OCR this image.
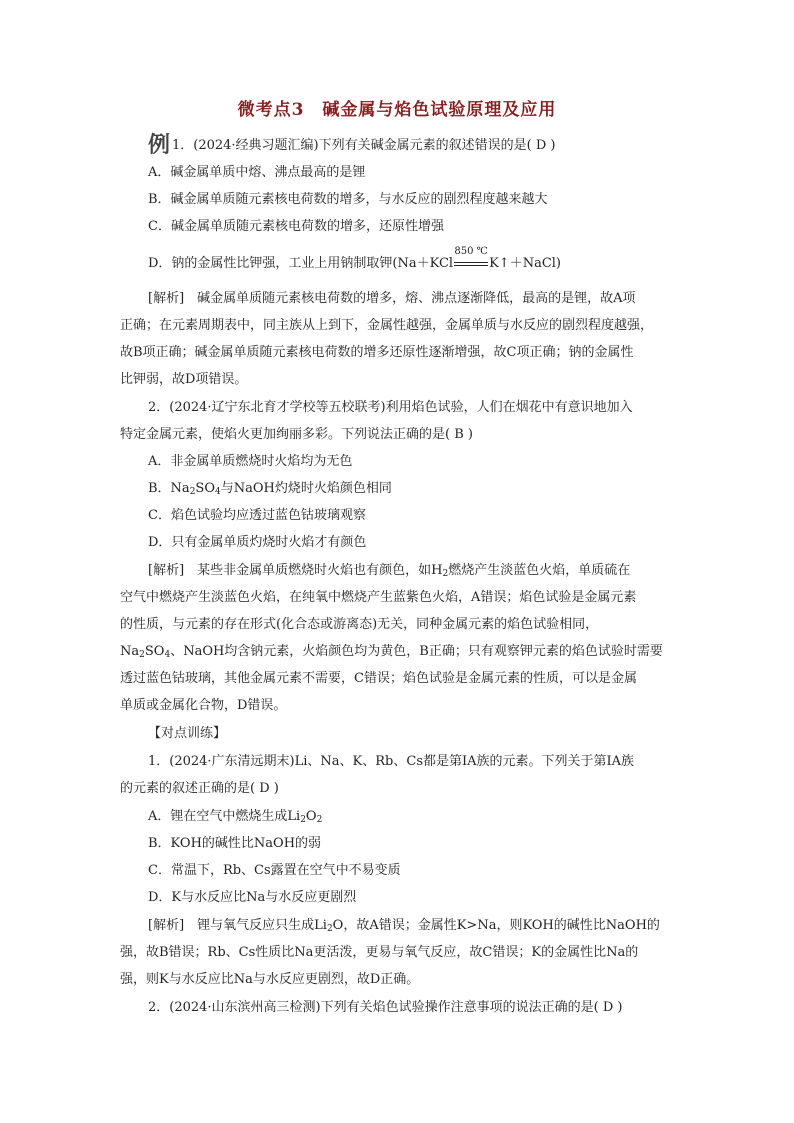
微考点3　碱金属与焰色试验原理及应用
例 1．(2024·经典习题汇编)下列有关碱金属元素的叙述错误的是( D )
A．碱金属单质中熔、沸点最高的是锂
B．碱金属单质随元素核电荷数的增多，与水反应的剧烈程度越来越大
C．碱金属单质随元素核电荷数的增多，还原性增强
D．钠的金属性比钾强，工业上用钠制取钾(Na＋KCl
850 ℃
K↑＋NaCl)
[解析]　碱金属单质随元素核电荷数的增多，熔、沸点逐渐降低，最高的是锂，故A项
正确；在元素周期表中，同主族从上到下，金属性越强，金属单质与水反应的剧烈程度越强，
故B项正确；碱金属单质随元素核电荷数的增多还原性逐渐增强，故C项正确；钠的金属性
比钾弱，故D项错误。
2．(2024·辽宁东北育才学校等五校联考)利用焰色试验，人们在烟花中有意识地加入
特定金属元素，使焰火更加绚丽多彩。下列说法正确的是( B )
A．非金属单质燃烧时火焰均为无色
B．$Na_2SO_4$与NaOH灼烧时火焰颜色相同
C．焰色试验均应透过蓝色钴玻璃观察
D．只有金属单质灼烧时火焰才有颜色
[解析]　某些非金属单质燃烧时火焰也有颜色，如$H_2$燃烧产生淡蓝色火焰，单质硫在
空气中燃烧产生淡蓝色火焰，在纯氧中燃烧产生蓝紫色火焰，A错误；焰色试验是金属元素
的性质，与元素的存在形式(化合态或游离态)无关，同种金属元素的焰色试验相同，
$Na_2SO_4$、NaOH均含钠元素，火焰颜色均为黄色，B正确；只有观察钾元素的焰色试验时需要
透过蓝色钴玻璃，其他金属元素不需要，C错误；焰色试验是金属元素的性质，可以是金属
单质或金属化合物，D错误。
【对点训练】
1．(2024·广东清远期末)Li、Na、K、Rb、Cs都是第ⅠA族的元素。下列关于第ⅠA族
的元素的叙述正确的是( D )
A．锂在空气中燃烧生成$Li_2O_2$
B．KOH的碱性比NaOH的弱
C．常温下，Rb、Cs露置在空气中不易变质
D．K与水反应比Na与水反应更剧烈
[解析]　锂与氧气反应只生成$Li_2O$，故A错误；金属性K>Na，则KOH的碱性比NaOH的
强，故B错误；Rb、Cs性质比Na更活泼，更易与氧气反应，故C错误；K的金属性比Na的
强，则K与水反应比Na与水反应更剧烈，故D正确。
2．(2024·山东滨州高三检测)下列有关焰色试验操作注意事项的说法正确的是( D )
